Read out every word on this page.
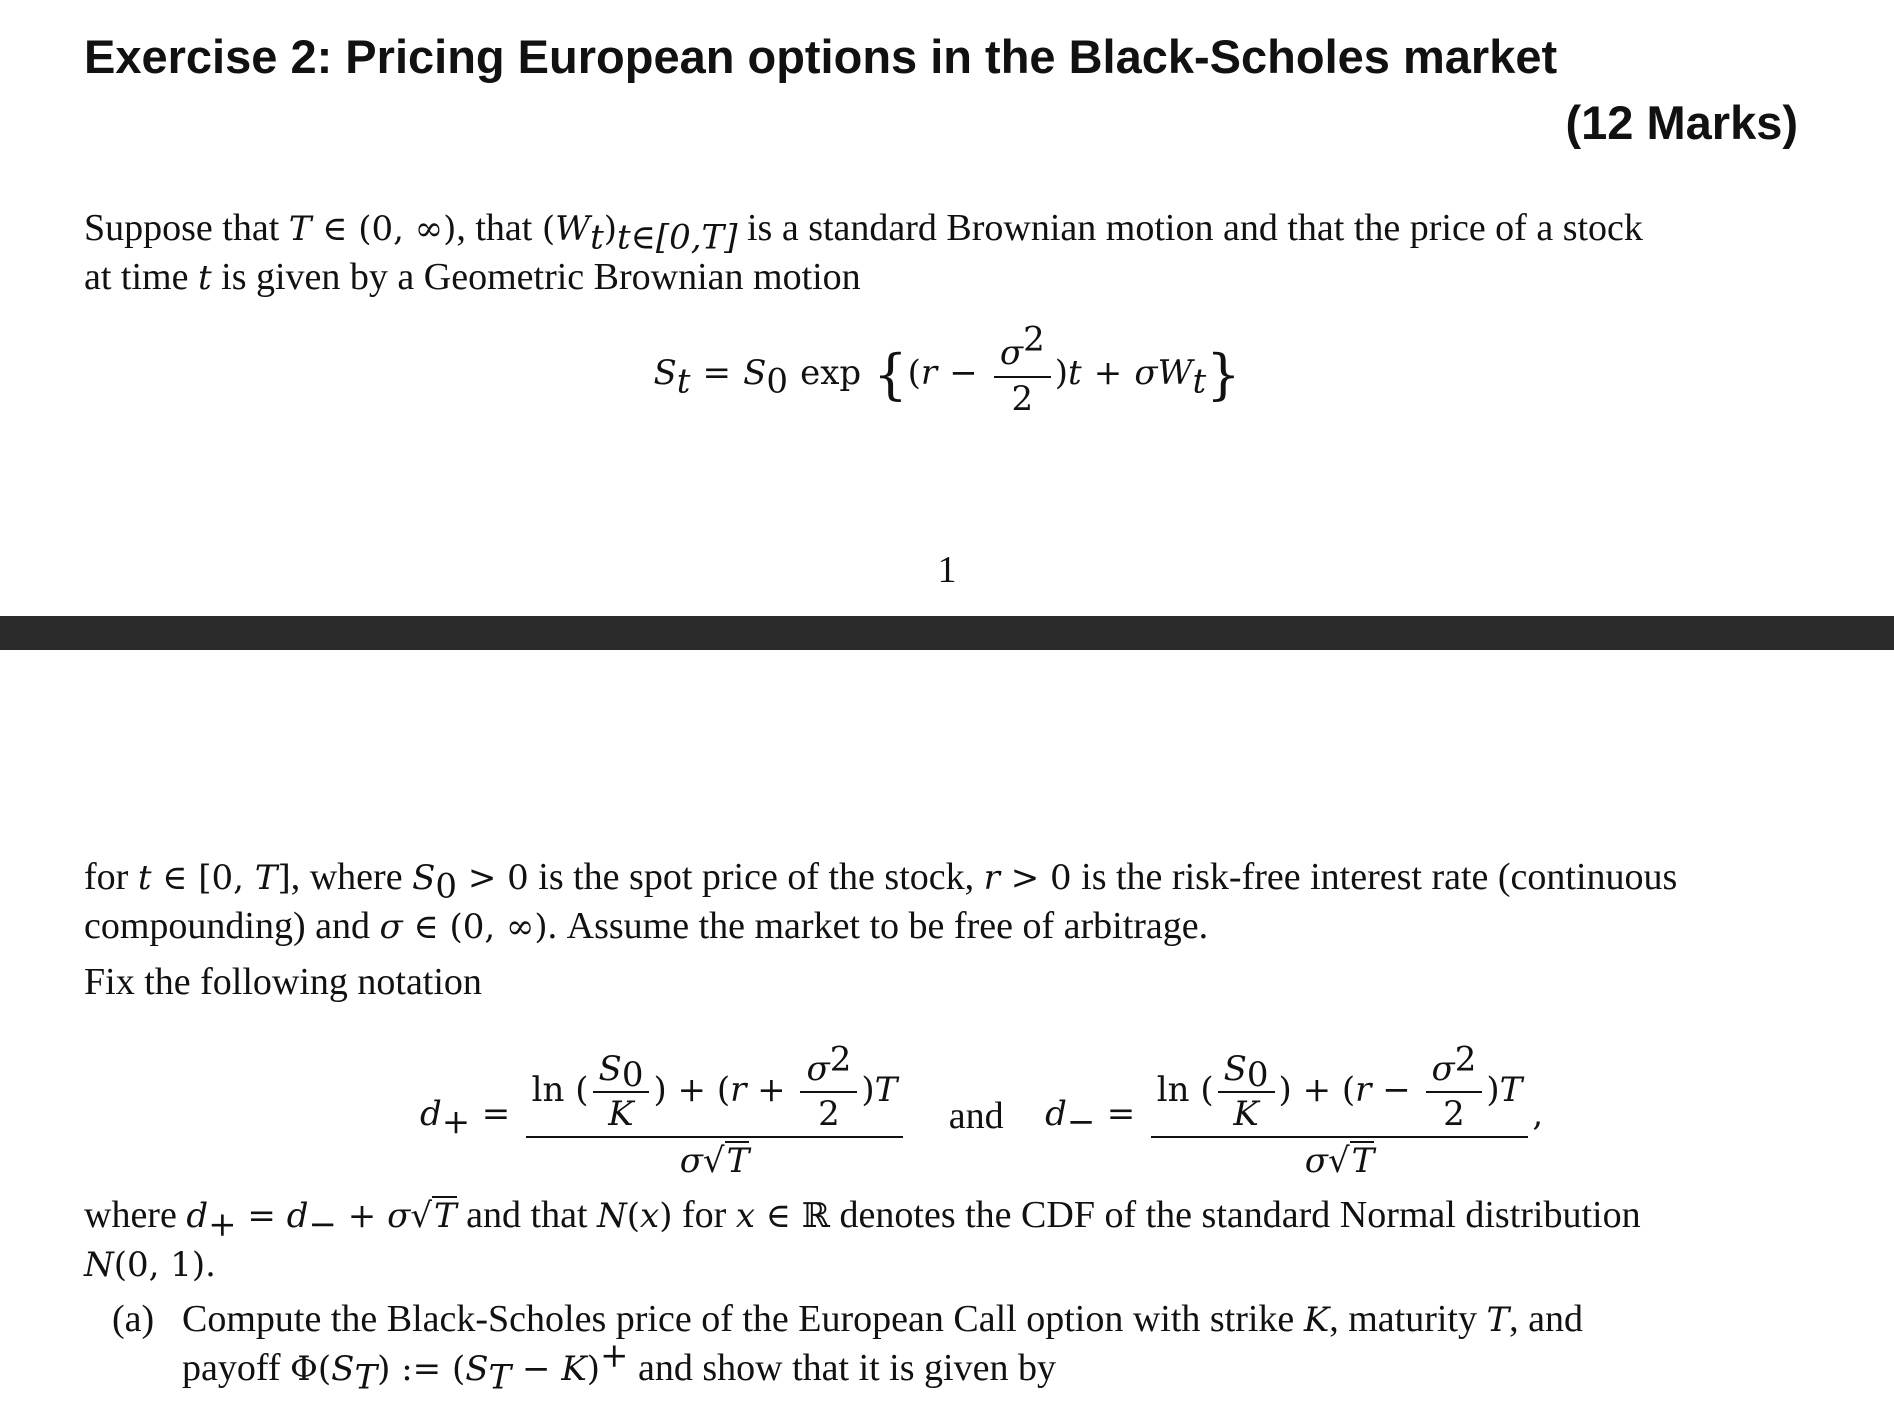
Exercise 2: Pricing European options in the Black-Scholes market
(12 Marks)
Suppose that T ∈ (0, ∞), that $(W_t)_{t\in[0,T]}$ is a standard Brownian motion and that the price of a stock
at time t is given by a Geometric Brownian motion
$S_t = S_0$ $\exp \{(r - \frac{\sigma^2}{2} )t + \sigma W_t\}$
1
for t ∈ [0, T], where $S_0 > 0$ is the spot price of the stock, r > 0 is the risk-free interest rate (continuous
compounding) and σ ∈ (0, ∞). Assume the market to be free of arbitrage.
Fix the following notation
$d_+ = \frac{\ln ( \frac{S_0}{K} ) + (r + \frac{\sigma^2}{2} )T}{\sigma√T}$ and $d_- = \frac{\ln ( \frac{S_0}{K} ) + (r - \frac{\sigma^2}{2} )T}{\sigma√T}$ ,
where $d_+ = d_- + \sigma√T$ and that N(x) for x ∈ ℝ denotes the CDF of the standard Normal distribution
N(0, 1).
(a) Compute the Black-Scholes price of the European Call option with strike K, maturity T, and
payoff $\Phi(S_T)$ := $(S_T - K)^+$ and show that it is given by
